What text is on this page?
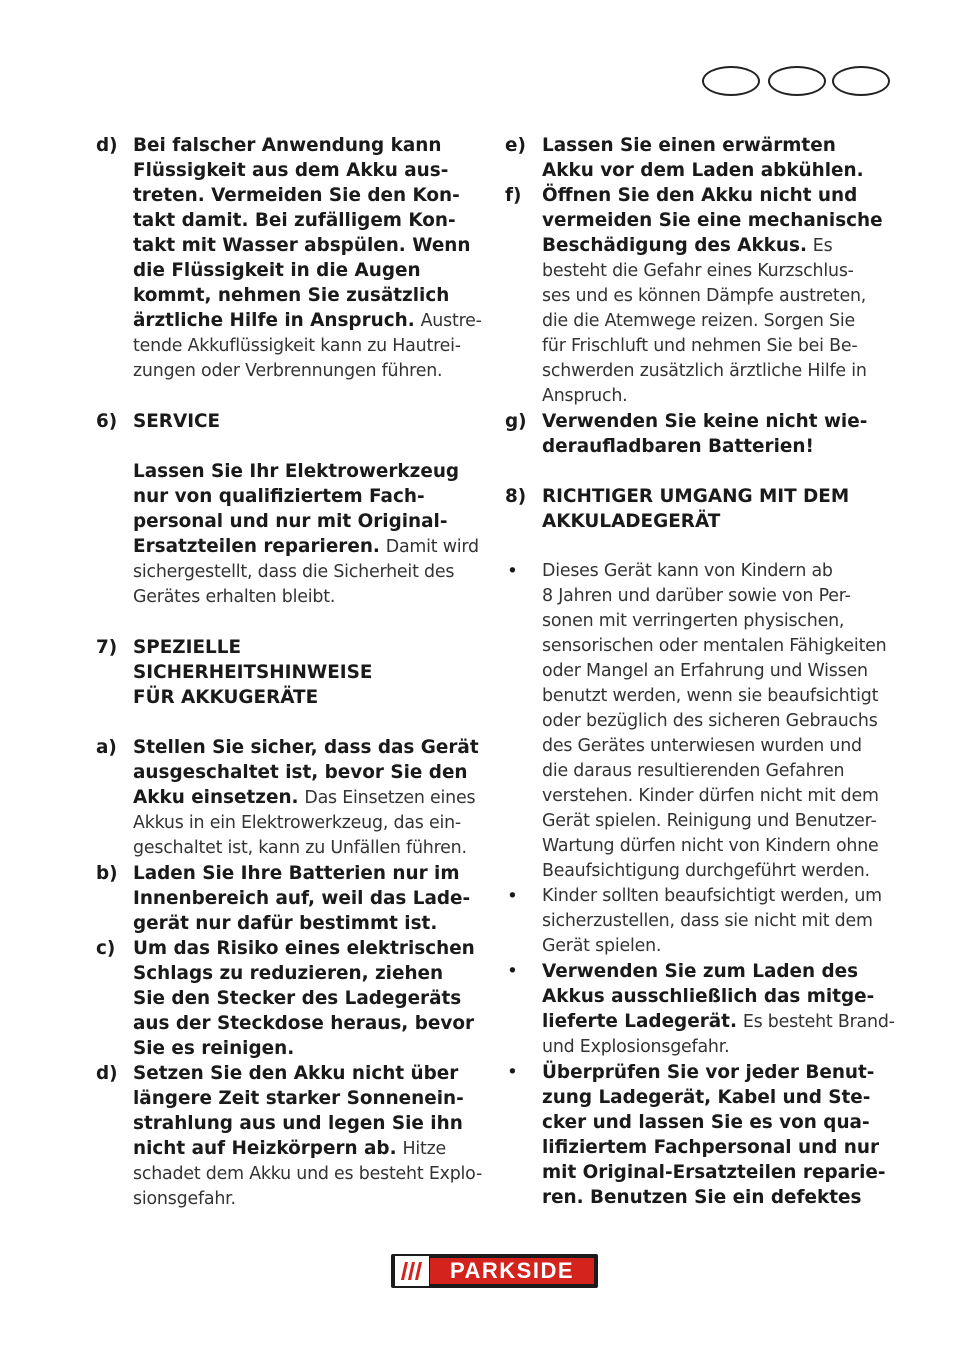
d) Bei falscher Anwendung kann
Flüssigkeit aus dem Akku aus-
treten. Vermeiden Sie den Kon-
takt damit. Bei zufälligem Kon-
takt mit Wasser abspülen. Wenn
die Flüssigkeit in die Augen
kommt, nehmen Sie zusätzlich
ärztliche Hilfe in Anspruch. Austre-
tende Akkuflüssigkeit kann zu Hautrei-
zungen oder Verbrennungen führen.
6) SERVICE
Lassen Sie Ihr Elektrowerkzeug
nur von qualifiziertem Fach-
personal und nur mit Original-
Ersatzteilen reparieren. Damit wird
sichergestellt, dass die Sicherheit des
Gerätes erhalten bleibt.
7) SPEZIELLE SICHERHEITSHINWEISE
FÜR AKKUGERÄTE
a) Stellen Sie sicher, dass das Gerät
ausgeschaltet ist, bevor Sie den
Akku einsetzen. Das Einsetzen eines
Akkus in ein Elektrowerkzeug, das ein-
geschaltet ist, kann zu Unfällen führen.
b) Laden Sie Ihre Batterien nur im
Innenbereich auf, weil das Lade-
gerät nur dafür bestimmt ist.
c) Um das Risiko eines elektrischen
Schlags zu reduzieren, ziehen
Sie den Stecker des Ladegeräts
aus der Steckdose heraus, bevor
Sie es reinigen.
d) Setzen Sie den Akku nicht über
längere Zeit starker Sonnenein-
strahlung aus und legen Sie ihn
nicht auf Heizkörpern ab. Hitze
schadet dem Akku und es besteht Explo-
sionsgefahr.
e) Lassen Sie einen erwärmten
Akku vor dem Laden abkühlen.
f) Öffnen Sie den Akku nicht und
vermeiden Sie eine mechanische
Beschädigung des Akkus. Es
besteht die Gefahr eines Kurzschlus-
ses und es können Dämpfe austreten,
die die Atemwege reizen. Sorgen Sie
für Frischluft und nehmen Sie bei Be-
schwerden zusätzlich ärztliche Hilfe in
Anspruch.
g) Verwenden Sie keine nicht wie-
deraufladbaren Batterien!
8) RICHTIGER UMGANG MIT DEM
AKKULADEGERÄT
• Dieses Gerät kann von Kindern ab
8 Jahren und darüber sowie von Per-
sonen mit verringerten physischen,
sensorischen oder mentalen Fähigkeiten
oder Mangel an Erfahrung und Wissen
benutzt werden, wenn sie beaufsichtigt
oder bezüglich des sicheren Gebrauchs
des Gerätes unterwiesen wurden und
die daraus resultierenden Gefahren
verstehen. Kinder dürfen nicht mit dem
Gerät spielen. Reinigung und Benutzer-
Wartung dürfen nicht von Kindern ohne
Beaufsichtigung durchgeführt werden.
• Kinder sollten beaufsichtigt werden, um
sicherzustellen, dass sie nicht mit dem
Gerät spielen.
• Verwenden Sie zum Laden des
Akkus ausschließlich das mitge-
lieferte Ladegerät. Es besteht Brand-
und Explosionsgefahr.
• Überprüfen Sie vor jeder Benut-
zung Ladegerät, Kabel und Ste-
cker und lassen Sie es von qua-
lifiziertem Fachpersonal und nur
mit Original-Ersatzteilen reparie-
ren. Benutzen Sie ein defektes
PARKSIDE
